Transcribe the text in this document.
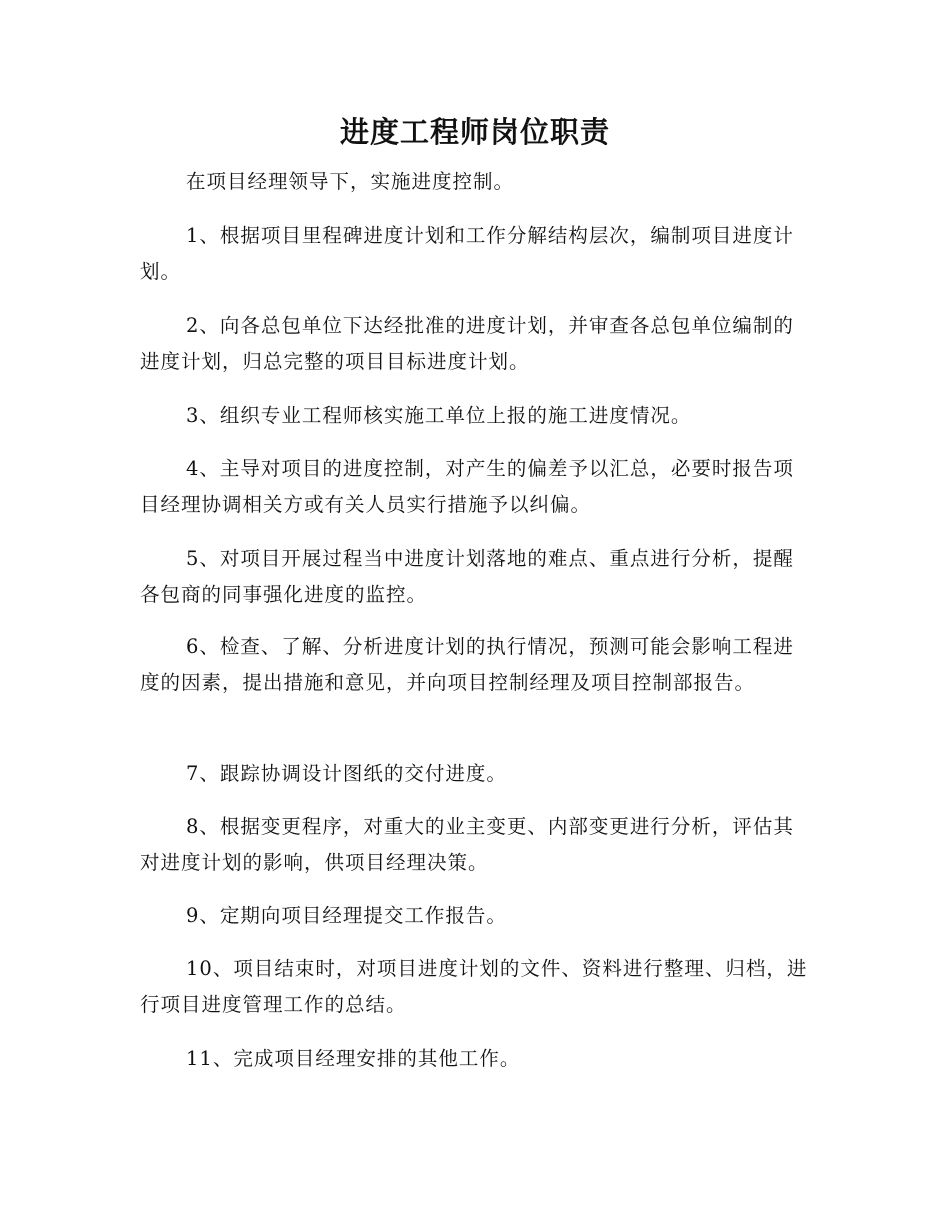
进度工程师岗位职责

在项目经理领导下，实施进度控制。

1、根据项目里程碑进度计划和工作分解结构层次，编制项目进度计划。

2、向各总包单位下达经批准的进度计划，并审查各总包单位编制的进度计划，归总完整的项目目标进度计划。

3、组织专业工程师核实施工单位上报的施工进度情况。

4、主导对项目的进度控制，对产生的偏差予以汇总，必要时报告项目经理协调相关方或有关人员实行措施予以纠偏。

5、对项目开展过程当中进度计划落地的难点、重点进行分析，提醒各包商的同事强化进度的监控。

6、检查、了解、分析进度计划的执行情况，预测可能会影响工程进度的因素，提出措施和意见，并向项目控制经理及项目控制部报告。

7、跟踪协调设计图纸的交付进度。

8、根据变更程序，对重大的业主变更、内部变更进行分析，评估其对进度计划的影响，供项目经理决策。

9、定期向项目经理提交工作报告。

10、项目结束时，对项目进度计划的文件、资料进行整理、归档，进行项目进度管理工作的总结。

11、完成项目经理安排的其他工作。
